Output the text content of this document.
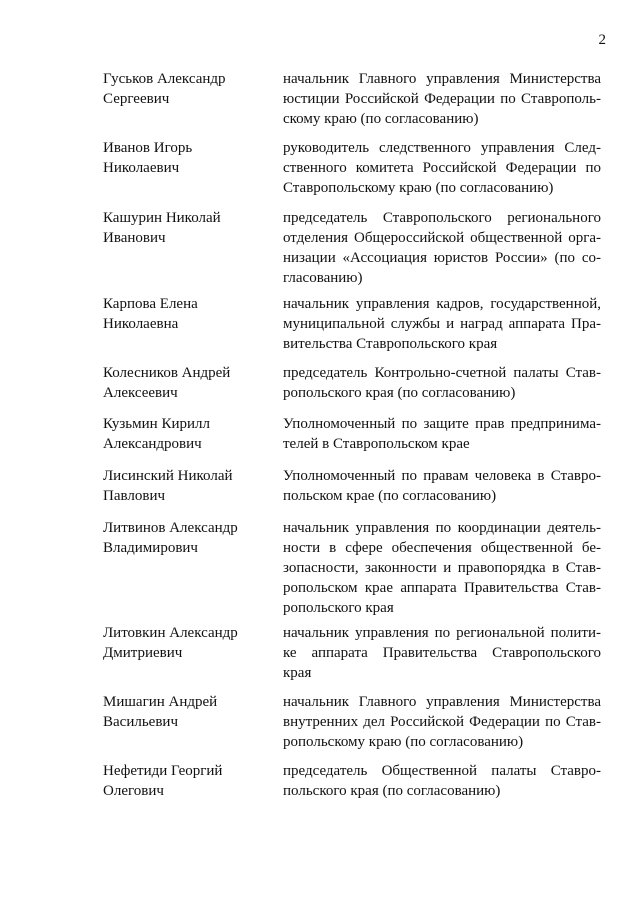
2
Гуськов Александр
Сергеевич
начальник Главного управления Министерства
юстиции Российской Федерации по Ставрополь-
скому краю (по согласованию)
Иванов Игорь
Николаевич
руководитель следственного управления След-
ственного комитета Российской Федерации по
Ставропольскому краю (по согласованию)
Кашурин Николай
Иванович
председатель Ставропольского регионального
отделения Общероссийской общественной орга-
низации «Ассоциация юристов России» (по со-
гласованию)
Карпова Елена
Николаевна
начальник управления кадров, государственной,
муниципальной службы и наград аппарата Пра-
вительства Ставропольского края
Колесников Андрей
Алексеевич
председатель Контрольно-счетной палаты Став-
ропольского края (по согласованию)
Кузьмин Кирилл
Александрович
Уполномоченный по защите прав предпринима-
телей в Ставропольском крае
Лисинский Николай
Павлович
Уполномоченный по правам человека в Ставро-
польском крае (по согласованию)
Литвинов Александр
Владимирович
начальник управления по координации деятель-
ности в сфере обеспечения общественной бе-
зопасности, законности и правопорядка в Став-
ропольском крае аппарата Правительства Став-
ропольского края
Литовкин Александр
Дмитриевич
начальник управления по региональной полити-
ке аппарата Правительства Ставропольского
края
Мишагин Андрей
Васильевич
начальник Главного управления Министерства
внутренних дел Российской Федерации по Став-
ропольскому краю (по согласованию)
Нефетиди Георгий
Олегович
председатель Общественной палаты Ставро-
польского края (по согласованию)
